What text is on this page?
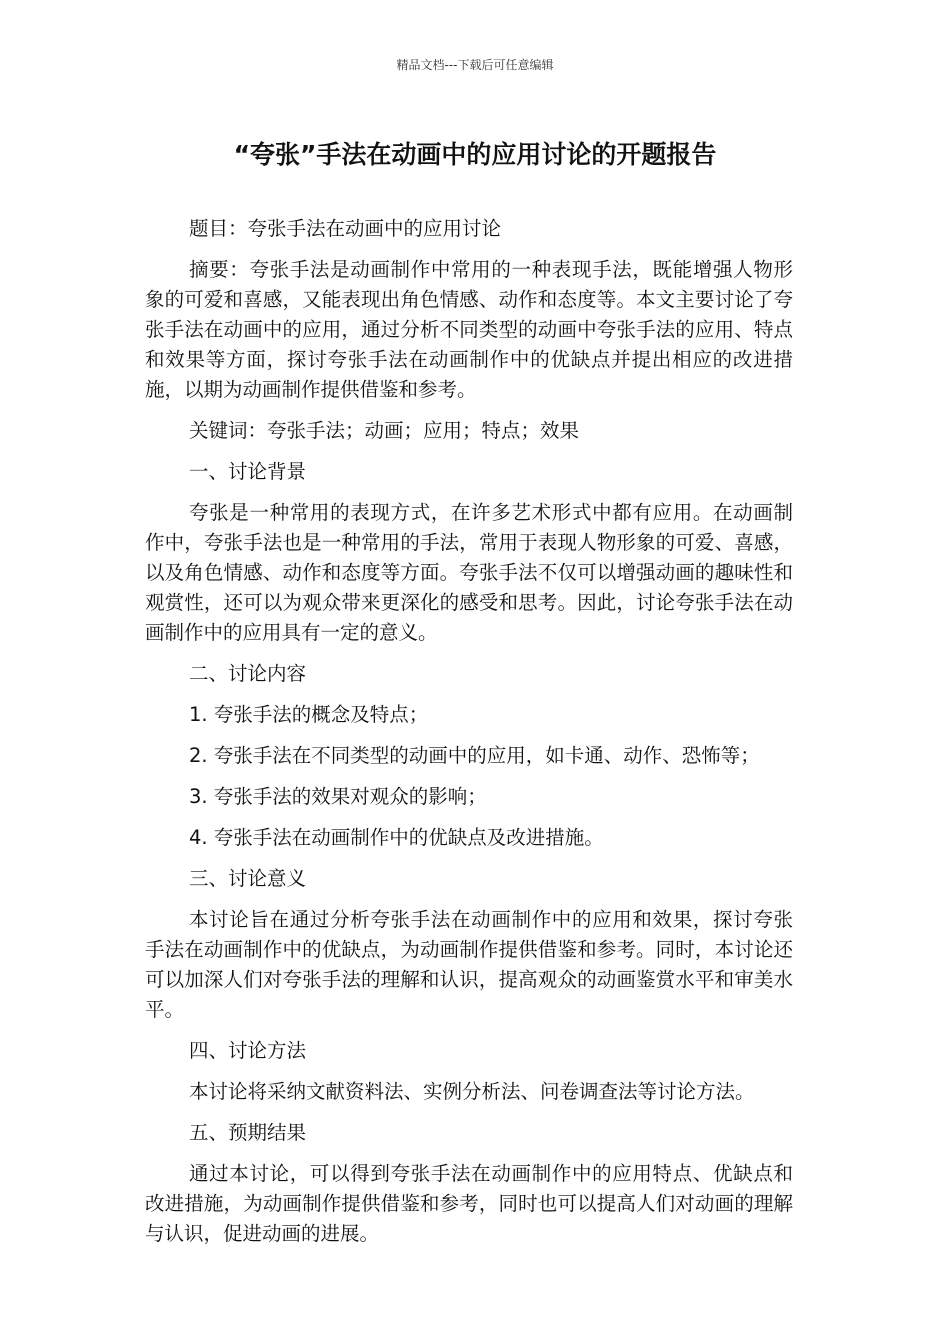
精品文档---下载后可任意编辑
“夸张”手法在动画中的应用讨论的开题报告

题目：夸张手法在动画中的应用讨论

摘要：夸张手法是动画制作中常用的一种表现手法，既能增强人物形象的可爱和喜感，又能表现出角色情感、动作和态度等。本文主要讨论了夸张手法在动画中的应用，通过分析不同类型的动画中夸张手法的应用、特点和效果等方面，探讨夸张手法在动画制作中的优缺点并提出相应的改进措施，以期为动画制作提供借鉴和参考。

关键词：夸张手法；动画；应用；特点；效果

一、讨论背景

夸张是一种常用的表现方式，在许多艺术形式中都有应用。在动画制作中，夸张手法也是一种常用的手法，常用于表现人物形象的可爱、喜感，以及角色情感、动作和态度等方面。夸张手法不仅可以增强动画的趣味性和观赏性，还可以为观众带来更深化的感受和思考。因此，讨论夸张手法在动画制作中的应用具有一定的意义。

二、讨论内容

1. 夸张手法的概念及特点；

2. 夸张手法在不同类型的动画中的应用，如卡通、动作、恐怖等；

3. 夸张手法的效果对观众的影响；

4. 夸张手法在动画制作中的优缺点及改进措施。

三、讨论意义

本讨论旨在通过分析夸张手法在动画制作中的应用和效果，探讨夸张手法在动画制作中的优缺点，为动画制作提供借鉴和参考。同时，本讨论还可以加深人们对夸张手法的理解和认识，提高观众的动画鉴赏水平和审美水平。

四、讨论方法

本讨论将采纳文献资料法、实例分析法、问卷调查法等讨论方法。

五、预期结果

通过本讨论，可以得到夸张手法在动画制作中的应用特点、优缺点和改进措施，为动画制作提供借鉴和参考，同时也可以提高人们对动画的理解与认识，促进动画的进展。
